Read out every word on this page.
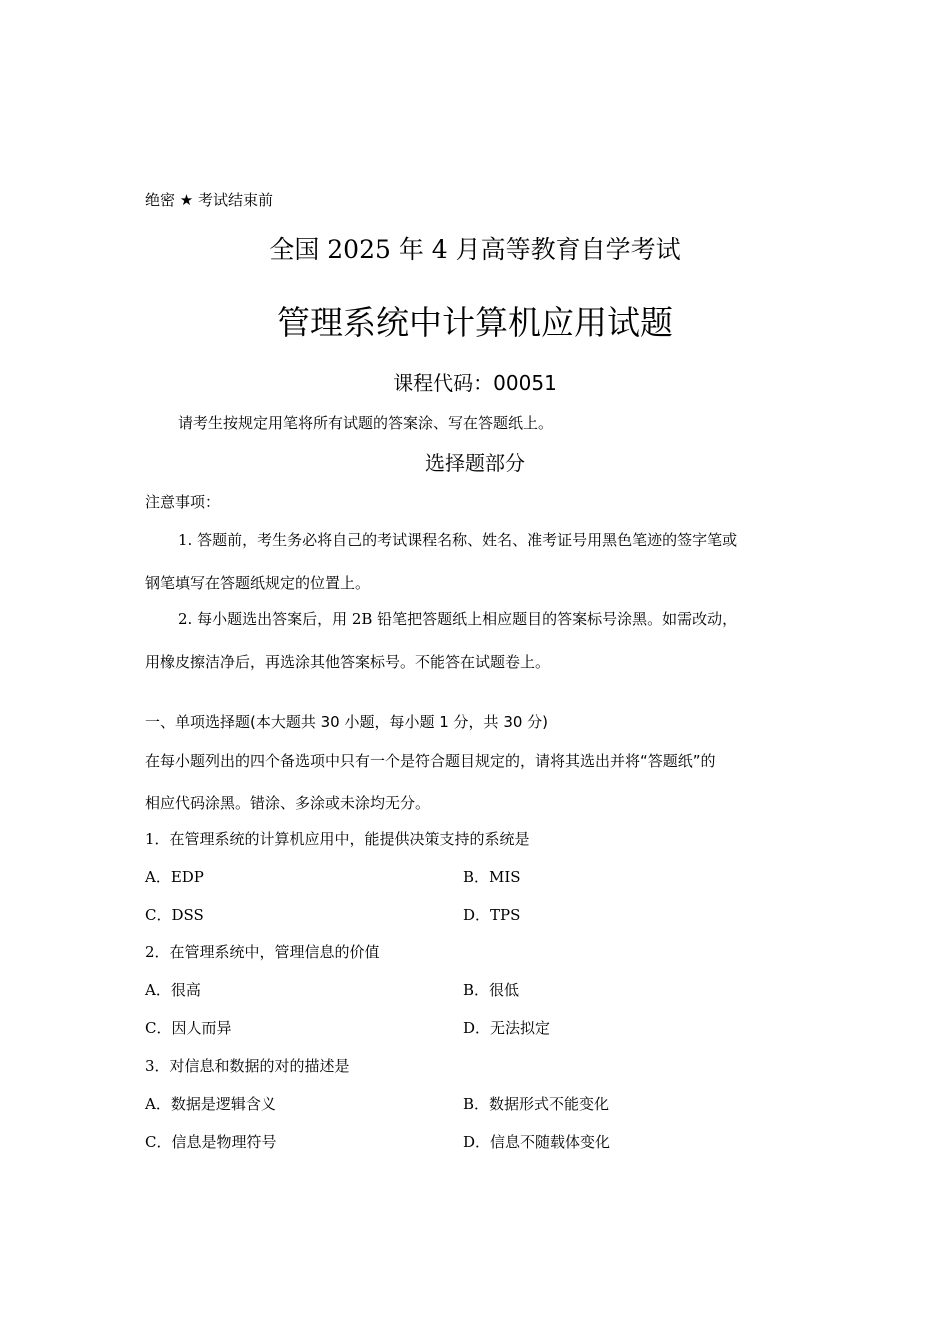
绝密 ★ 考试结束前
全国 2025 年 4 月高等教育自学考试
管理系统中计算机应用试题
课程代码：00051
请考生按规定用笔将所有试题的答案涂、写在答题纸上。
选择题部分
注意事项：
1. 答题前，考生务必将自己的考试课程名称、姓名、准考证号用黑色笔迹的签字笔或
钢笔填写在答题纸规定的位置上。
2. 每小题选出答案后，用 2B 铅笔把答题纸上相应题目的答案标号涂黑。如需改动，
用橡皮擦洁净后，再选涂其他答案标号。不能答在试题卷上。
一、单项选择题(本大题共 30 小题，每小题 1 分，共 30 分)
在每小题列出的四个备选项中只有一个是符合题目规定的，请将其选出并将“答题纸”的
相应代码涂黑。错涂、多涂或未涂均无分。
1．在管理系统的计算机应用中，能提供决策支持的系统是
A．EDP	B．MIS
C．DSS	D．TPS
2．在管理系统中，管理信息的价值
A．很高	B．很低
C．因人而异	D．无法拟定
3．对信息和数据的对的描述是
A．数据是逻辑含义	B．数据形式不能变化
C．信息是物理符号	D．信息不随载体变化
